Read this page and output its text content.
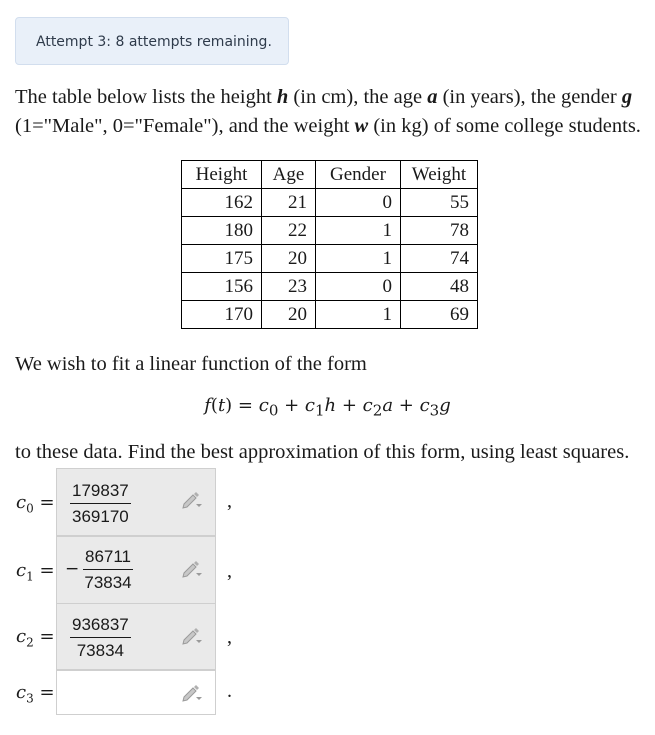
Attempt 3: 8 attempts remaining.

The table below lists the height h (in cm), the age a (in years), the gender g (1="Male", 0="Female"), and the weight w (in kg) of some college students.

Height	Age	Gender	Weight
162	21	0	55
180	22	1	78
175	20	1	74
156	23	0	48
170	20	1	69

We wish to fit a linear function of the form

$f(t) = c_0 + c_1h + c_2a + c_3g$

to these data. Find the best approximation of this form, using least squares.

$c_0 = \frac{179837}{369170}$	,
$c_1$ = − $\frac{86711}{73834}$	,
$c_2 = \frac{936837}{73834}$	,
$c_3$ =	.
